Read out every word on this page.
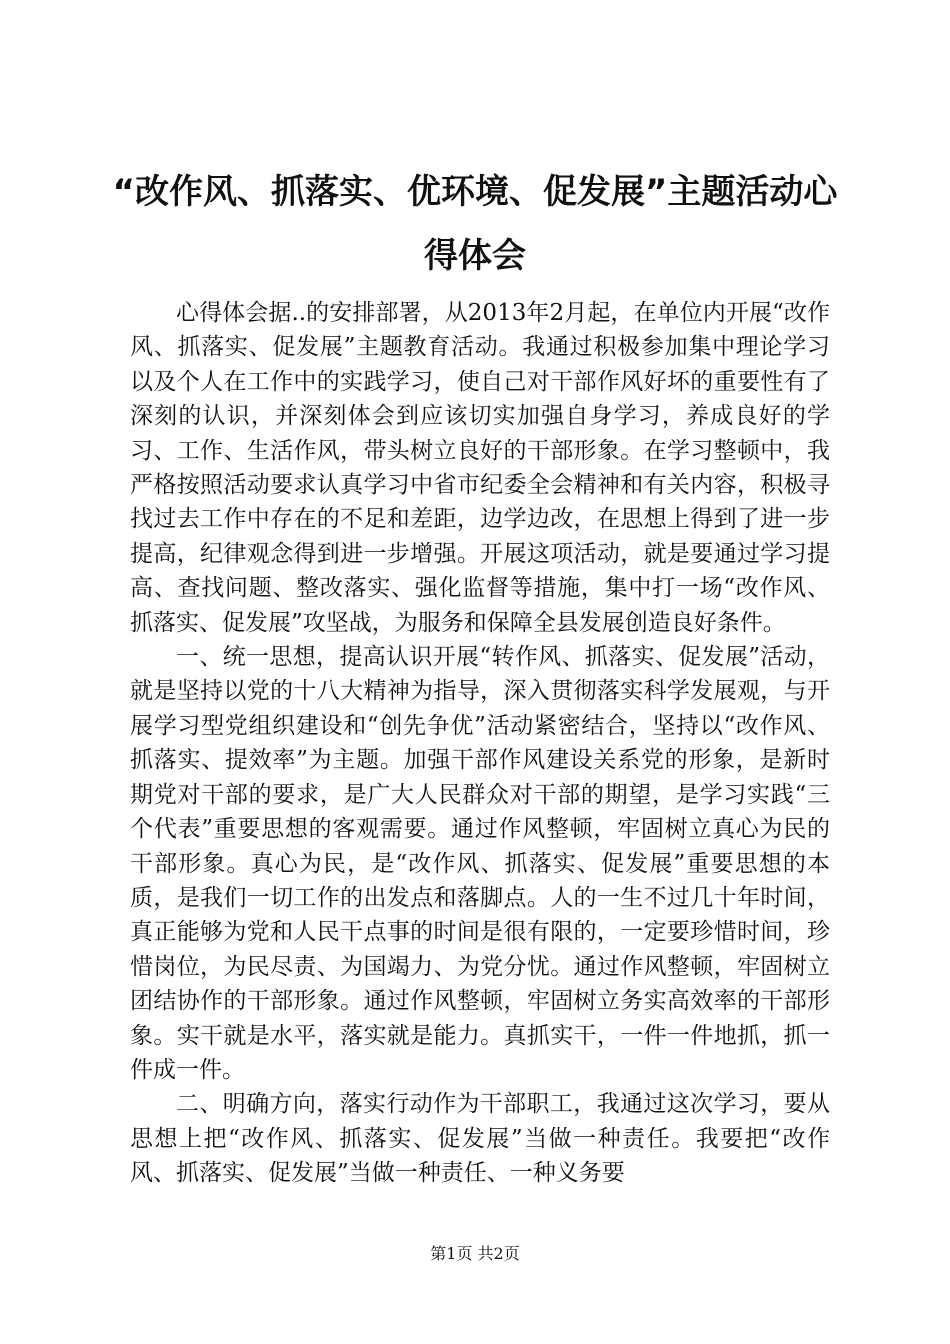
“改作风、抓落实、优环境、促发展”主题活动心得体会

心得体会据..的安排部署，从2013年2月起，在单位内开展“改作风、抓落实、促发展”主题教育活动。我通过积极参加集中理论学习以及个人在工作中的实践学习，使自己对干部作风好坏的重要性有了深刻的认识，并深刻体会到应该切实加强自身学习，养成良好的学习、工作、生活作风，带头树立良好的干部形象。在学习整顿中，我严格按照活动要求认真学习中省市纪委全会精神和有关内容，积极寻找过去工作中存在的不足和差距，边学边改，在思想上得到了进一步提高，纪律观念得到进一步增强。开展这项活动，就是要通过学习提高、查找问题、整改落实、强化监督等措施，集中打一场“改作风、抓落实、促发展”攻坚战，为服务和保障全县发展创造良好条件。

一、统一思想，提高认识开展“转作风、抓落实、促发展”活动，就是坚持以党的十八大精神为指导，深入贯彻落实科学发展观，与开展学习型党组织建设和“创先争优”活动紧密结合，坚持以“改作风、抓落实、提效率”为主题。加强干部作风建设关系党的形象，是新时期党对干部的要求，是广大人民群众对干部的期望，是学习实践“三个代表”重要思想的客观需要。通过作风整顿，牢固树立真心为民的干部形象。真心为民，是“改作风、抓落实、促发展”重要思想的本质，是我们一切工作的出发点和落脚点。人的一生不过几十年时间，真正能够为党和人民干点事的时间是很有限的，一定要珍惜时间，珍惜岗位，为民尽责、为国竭力、为党分忧。通过作风整顿，牢固树立团结协作的干部形象。通过作风整顿，牢固树立务实高效率的干部形象。实干就是水平，落实就是能力。真抓实干，一件一件地抓，抓一件成一件。

二、明确方向，落实行动作为干部职工，我通过这次学习，要从思想上把“改作风、抓落实、促发展”当做一种责任。我要把“改作风、抓落实、促发展”当做一种责任、一种义务要

第1页 共2页
